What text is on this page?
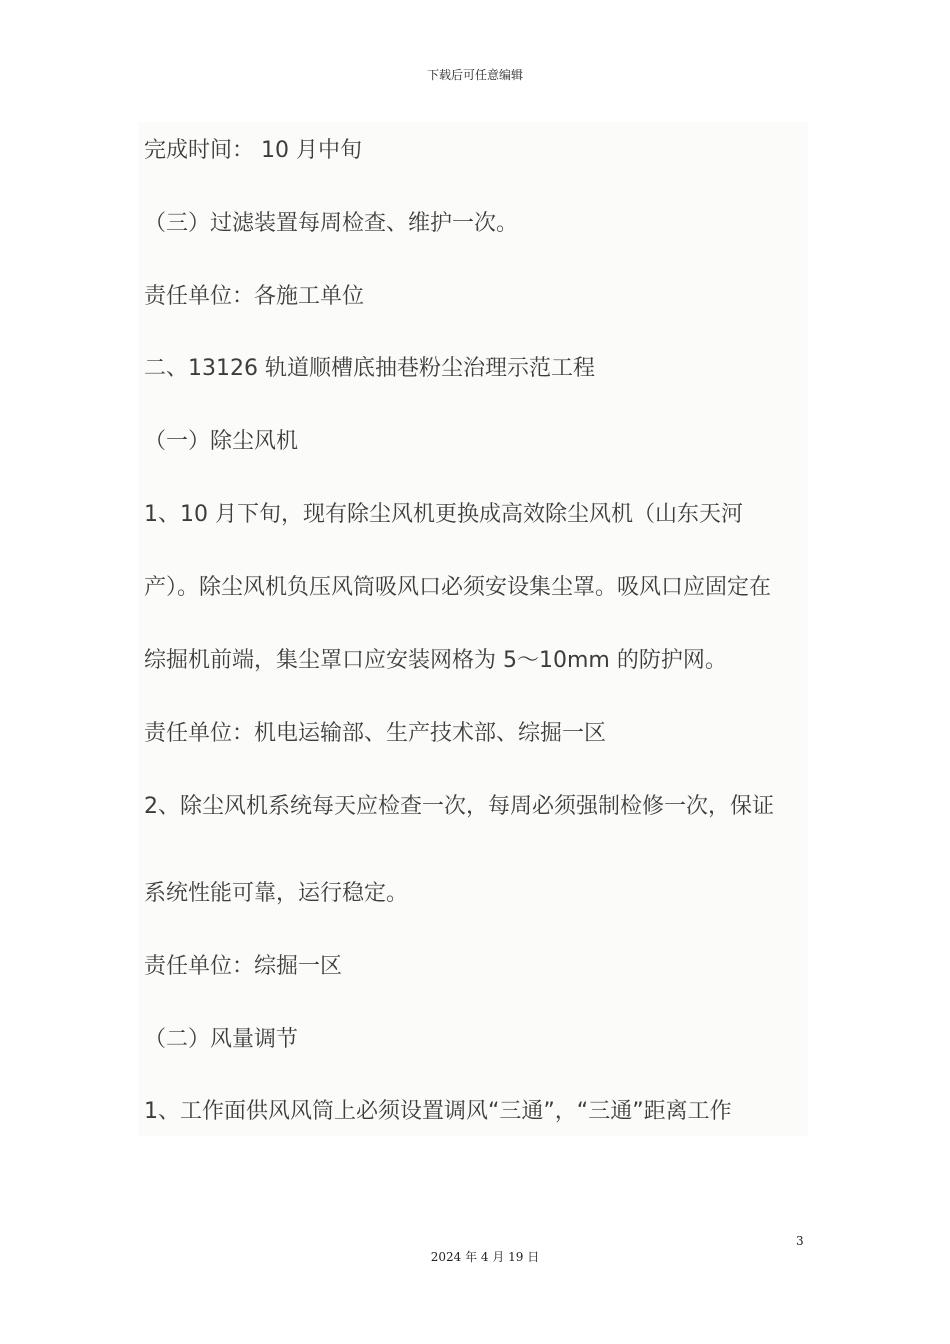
下载后可任意编辑
完成时间： 10 月中旬
（三）过滤装置每周检查、维护一次。
责任单位：各施工单位
二、13126 轨道顺槽底抽巷粉尘治理示范工程
（一）除尘风机
1、10 月下旬，现有除尘风机更换成高效除尘风机（山东天河
产）。除尘风机负压风筒吸风口必须安设集尘罩。吸风口应固定在
综掘机前端，集尘罩口应安装网格为 5～10mm 的防护网。
责任单位：机电运输部、生产技术部、综掘一区
2、除尘风机系统每天应检查一次，每周必须强制检修一次，保证
系统性能可靠，运行稳定。
责任单位：综掘一区
（二）风量调节
1、工作面供风风筒上必须设置调风“三通”，“三通”距离工作
3
2024 年 4 月 19 日
